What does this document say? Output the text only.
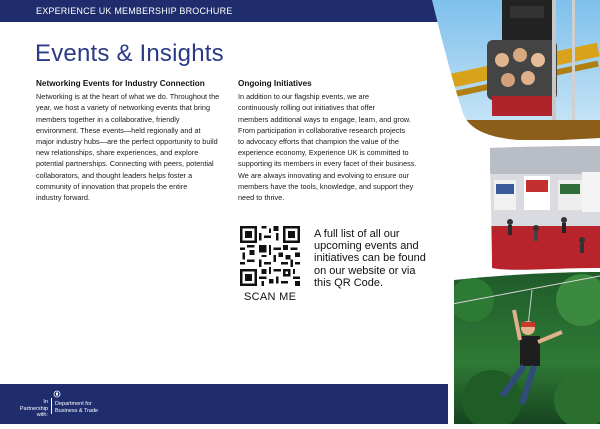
EXPERIENCE UK MEMBERSHIP BROCHURE
Events & Insights
Networking Events for Industry Connection
Networking is at the heart of what we do. Throughout the
year, we host a variety of networking events that bring
members together in a collaborative, friendly
environment. These events—held regionally and at
major industry hubs—are the perfect opportunity to build
new relationships, share experiences, and explore
potential partnerships. Connecting with peers, potential
collaborators, and thought leaders helps foster a
community of innovation that propels the entire
industry forward.
Ongoing Initiatives
In addition to our flagship events, we are
continuously rolling out initiatives that offer
members additional ways to engage, learn, and grow.
From participation in collaborative research projects
to advocacy efforts that champion the value of the
experience economy, Experience UK is committed to
supporting its members in every facet of their business.
We are always innovating and evolving to ensure our
members have the tools, knowledge, and support they
need to thrive.
SCAN ME
A full list of all our
upcoming events and
initiatives can be found
on our website or via
this QR Code.
In Partnership
with:
Department for
Business & Trade
